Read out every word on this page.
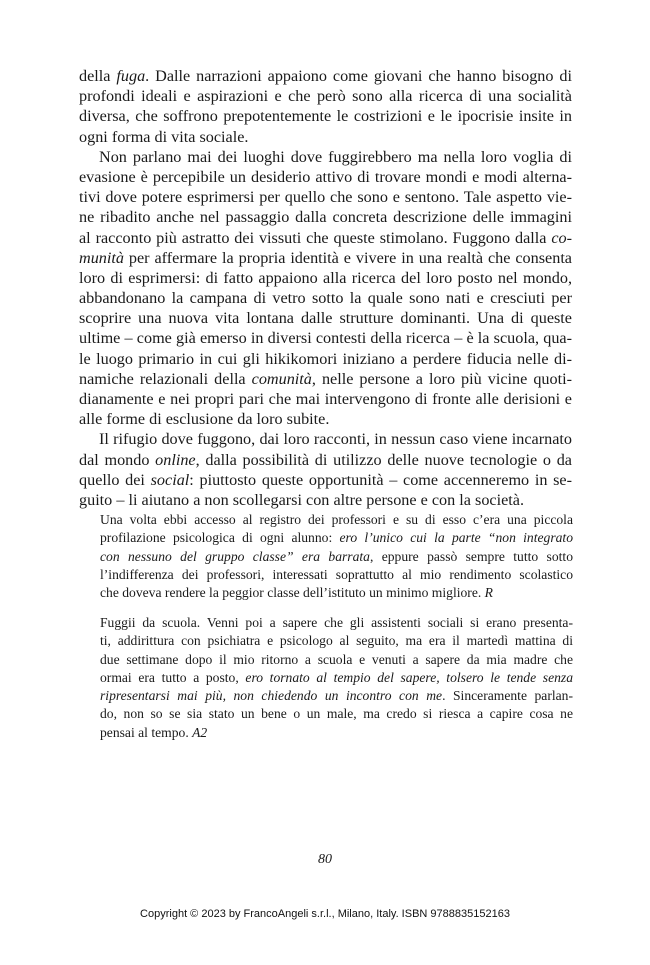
della fuga. Dalle narrazioni appaiono come giovani che hanno bisogno di
profondi ideali e aspirazioni e che però sono alla ricerca di una socialità
diversa, che soffrono prepotentemente le costrizioni e le ipocrisie insite in
ogni forma di vita sociale.
Non parlano mai dei luoghi dove fuggirebbero ma nella loro voglia di
evasione è percepibile un desiderio attivo di trovare mondi e modi alterna-
tivi dove potere esprimersi per quello che sono e sentono. Tale aspetto vie-
ne ribadito anche nel passaggio dalla concreta descrizione delle immagini
al racconto più astratto dei vissuti che queste stimolano. Fuggono dalla co-
munità per affermare la propria identità e vivere in una realtà che consenta
loro di esprimersi: di fatto appaiono alla ricerca del loro posto nel mondo,
abbandonano la campana di vetro sotto la quale sono nati e cresciuti per
scoprire una nuova vita lontana dalle strutture dominanti. Una di queste
ultime – come già emerso in diversi contesti della ricerca – è la scuola, qua-
le luogo primario in cui gli hikikomori iniziano a perdere fiducia nelle di-
namiche relazionali della comunità, nelle persone a loro più vicine quoti-
dianamente e nei propri pari che mai intervengono di fronte alle derisioni e
alle forme di esclusione da loro subite.
Il rifugio dove fuggono, dai loro racconti, in nessun caso viene incarnato
dal mondo online, dalla possibilità di utilizzo delle nuove tecnologie o da
quello dei social: piuttosto queste opportunità – come accenneremo in se-
guito – li aiutano a non scollegarsi con altre persone e con la società.
Una volta ebbi accesso al registro dei professori e su di esso c’era una piccola
profilazione psicologica di ogni alunno: ero l’unico cui la parte “non integrato
con nessuno del gruppo classe” era barrata, eppure passò sempre tutto sotto
l’indifferenza dei professori, interessati soprattutto al mio rendimento scolastico
che doveva rendere la peggior classe dell’istituto un minimo migliore. R
Fuggii da scuola. Venni poi a sapere che gli assistenti sociali si erano presenta-
ti, addirittura con psichiatra e psicologo al seguito, ma era il martedì mattina di
due settimane dopo il mio ritorno a scuola e venuti a sapere da mia madre che
ormai era tutto a posto, ero tornato al tempio del sapere, tolsero le tende senza
ripresentarsi mai più, non chiedendo un incontro con me. Sinceramente parlan-
do, non so se sia stato un bene o un male, ma credo si riesca a capire cosa ne
pensai al tempo. A2
80
Copyright © 2023 by FrancoAngeli s.r.l., Milano, Italy. ISBN 9788835152163
